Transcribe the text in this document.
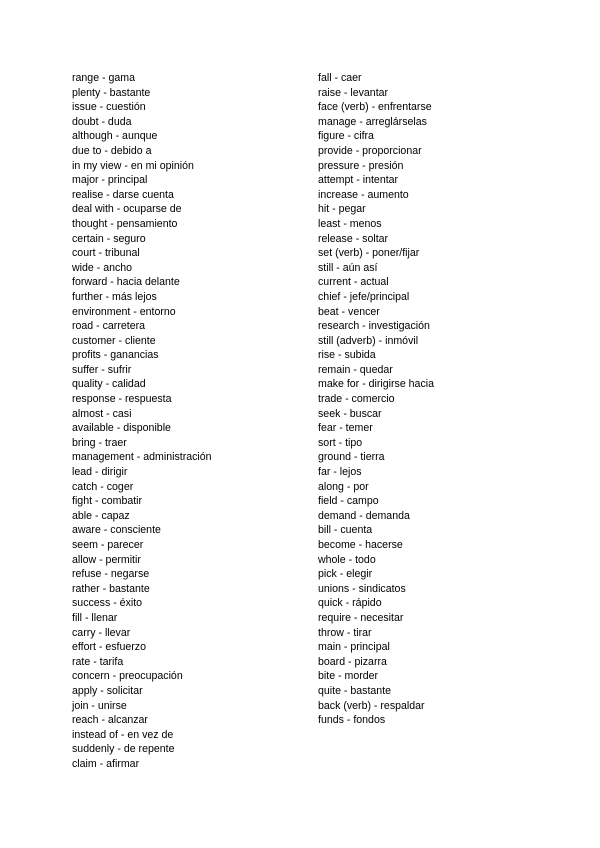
range - gama
plenty - bastante
issue - cuestión
doubt - duda
although - aunque
due to - debido a
in my view - en mi opinión
major - principal
realise - darse cuenta
deal with - ocuparse de
thought - pensamiento
certain - seguro
court - tribunal
wide - ancho
forward - hacia delante
further - más lejos
environment - entorno
road - carretera
customer - cliente
profits - ganancias
suffer - sufrir
quality - calidad
response - respuesta
almost - casi
available - disponible
bring - traer
management - administración
lead - dirigir
catch - coger
fight - combatir
able - capaz
aware - consciente
seem - parecer
allow - permitir
refuse - negarse
rather - bastante
success - éxito
fill - llenar
carry - llevar
effort - esfuerzo
rate - tarifa
concern - preocupación
apply - solicitar
join - unirse
reach - alcanzar
instead of - en vez de
suddenly - de repente
claim - afirmar
fall - caer
raise - levantar
face (verb) - enfrentarse
manage - arreglárselas
figure - cifra
provide - proporcionar
pressure - presión
attempt - intentar
increase - aumento
hit - pegar
least - menos
release - soltar
set (verb) - poner/fijar
still - aún así
current - actual
chief - jefe/principal
beat - vencer
research - investigación
still (adverb) - inmóvil
rise - subida
remain - quedar
make for - dirigirse hacia
trade - comercio
seek - buscar
fear - temer
sort - tipo
ground - tierra
far - lejos
along - por
field - campo
demand - demanda
bill - cuenta
become - hacerse
whole - todo
pick - elegir
unions - sindicatos
quick - rápido
require - necesitar
throw - tirar
main - principal
board - pizarra
bite - morder
quite - bastante
back (verb) - respaldar
funds - fondos
